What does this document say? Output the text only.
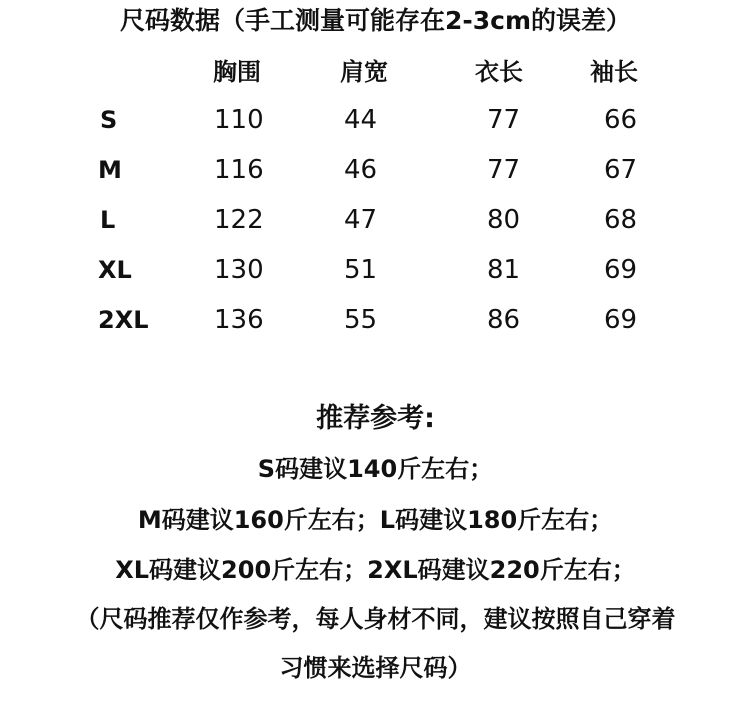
尺码数据（手工测量可能存在2-3cm的误差）
胸围	肩宽	衣长	袖长
S	110	44	77	66
M	116	46	77	67
L	122	47	80	68
XL	130	51	81	69
2XL	136	55	86	69
推荐参考:
S码建议140斤左右；
M码建议160斤左右；L码建议180斤左右；
XL码建议200斤左右；2XL码建议220斤左右；
（尺码推荐仅作参考，每人身材不同，建议按照自己穿着
习惯来选择尺码）
